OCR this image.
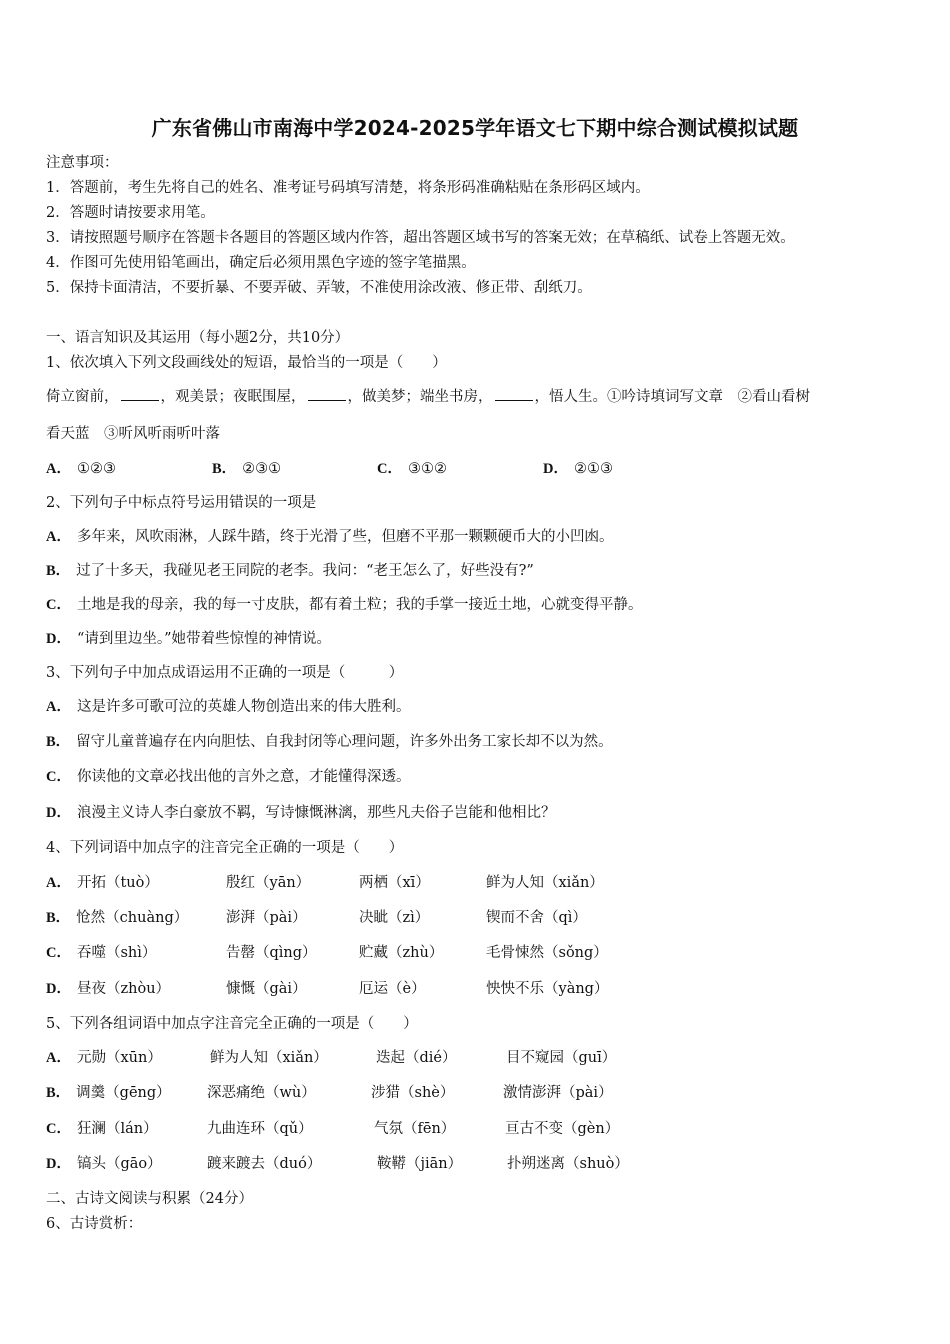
广东省佛山市南海中学2024-2025学年语文七下期中综合测试模拟试题
注意事项：
1．答题前，考生先将自己的姓名、准考证号码填写清楚，将条形码准确粘贴在条形码区域内。
2．答题时请按要求用笔。
3．请按照题号顺序在答题卡各题目的答题区域内作答，超出答题区域书写的答案无效；在草稿纸、试卷上答题无效。
4．作图可先使用铅笔画出，确定后必须用黑色字迹的签字笔描黑。
5．保持卡面清洁，不要折暴、不要弄破、弄皱，不准使用涂改液、修正带、刮纸刀。
一、语言知识及其运用（每小题2分，共10分）
1、依次填入下列文段画线处的短语，最恰当的一项是（　　）
倚立窗前，	，观美景；夜眠围屋，	，做美梦；端坐书房，	，悟人生。①吟诗填词写文章　②看山看树
看天蓝　③听风听雨听叶落
A． ①②③	B． ②③①	C． ③①②	D． ②①③
2、下列句子中标点符号运用错误的一项是
A． 多年来，风吹雨淋，人踩牛踏，终于光滑了些，但磨不平那一颗颗硬币大的小凹凼。
B． 过了十多天，我碰见老王同院的老李。我问：“老王怎么了，好些没有?”
C． 土地是我的母亲，我的每一寸皮肤，都有着土粒；我的手掌一接近土地，心就变得平静。
D． “请到里边坐。”她带着些惊惶的神情说。
3、下列句子中加点成语运用不正确的一项是（　　　）
A． 这是许多可歌可泣的英雄人物创造出来的伟大胜利。
B． 留守儿童普遍存在内向胆怯、自我封闭等心理问题，许多外出务工家长却不以为然。
C． 你读他的文章必找出他的言外之意，才能懂得深透。
D． 浪漫主义诗人李白豪放不羁，写诗慷慨淋漓，那些凡夫俗子岂能和他相比？
4、下列词语中加点字的注音完全正确的一项是（　　）
A． 开拓（tuò）	殷红（yān）	两栖（xī）	鲜为人知（xiǎn）
B． 怆然（chuàng）	澎湃（pài）	决眦（zì）	锲而不舍（qì）
C． 吞噬（shì）	告罄（qìng）	贮藏（zhù）	毛骨悚然（sǒng）
D． 昼夜（zhòu）	慷慨（gài）	厄运（è）	怏怏不乐（yàng）
5、下列各组词语中加点字注音完全正确的一项是（　　）
A． 元勋（xūn）	鲜为人知（xiǎn）	迭起（dié）	目不窥园（guī）
B． 调羹（gēng）	深恶痛绝（wù）	涉猎（shè）	激情澎湃（pài）
C． 狂澜（lán）	九曲连环（qǔ）	气氛（fēn）	亘古不变（gèn）
D． 镐头（gāo）	踱来踱去（duó）	鞍鞯（jiān）	扑朔迷离（shuò）
二、古诗文阅读与积累（24分）
6、古诗赏析：
